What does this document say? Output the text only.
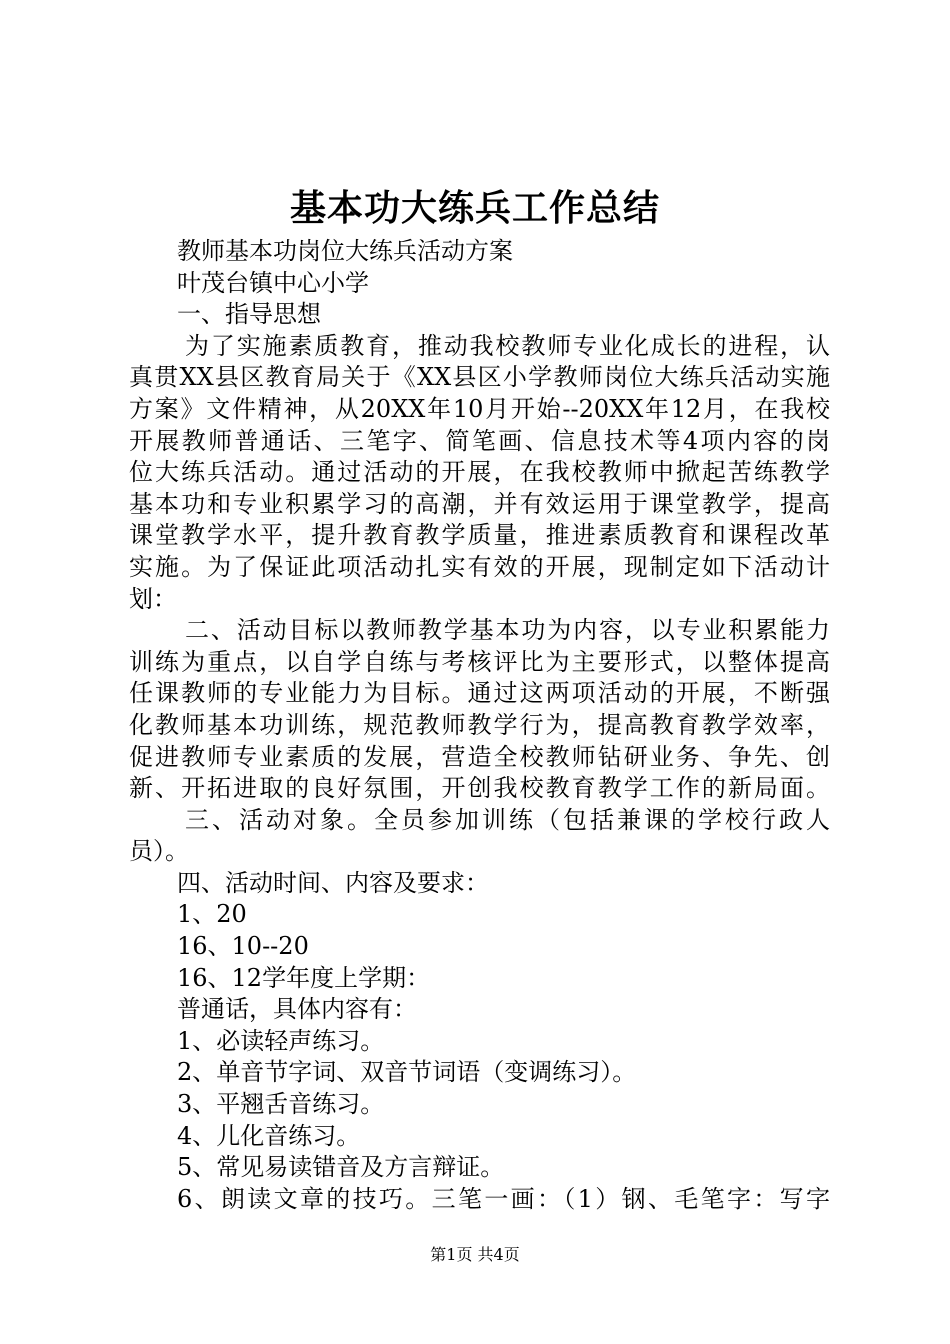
基本功大练兵工作总结
教师基本功岗位大练兵活动方案
叶茂台镇中心小学
一、指导思想
为了实施素质教育，推动我校教师专业化成长的进程，认
真贯XX县区教育局关于《XX县区小学教师岗位大练兵活动实施
方案》文件精神，从20XX年10月开始--20XX年12月，在我校
开展教师普通话、三笔字、简笔画、信息技术等4项内容的岗
位大练兵活动。通过活动的开展，在我校教师中掀起苦练教学
基本功和专业积累学习的高潮，并有效运用于课堂教学，提高
课堂教学水平，提升教育教学质量，推进素质教育和课程改革
实施。为了保证此项活动扎实有效的开展，现制定如下活动计
划：
二、活动目标以教师教学基本功为内容，以专业积累能力
训练为重点，以自学自练与考核评比为主要形式，以整体提高
任课教师的专业能力为目标。通过这两项活动的开展，不断强
化教师基本功训练，规范教师教学行为，提高教育教学效率，
促进教师专业素质的发展，营造全校教师钻研业务、争先、创
新、开拓进取的良好氛围，开创我校教育教学工作的新局面。
三、活动对象。全员参加训练（包括兼课的学校行政人
员）。
四、活动时间、内容及要求：
1、20
16、10--20
16、12学年度上学期：
普通话，具体内容有：
1、必读轻声练习。
2、单音节字词、双音节词语（变调练习）。
3、平翘舌音练习。
4、儿化音练习。
5、常见易读错音及方言辩证。
6、朗读文章的技巧。三笔一画：（1）钢、毛笔字：写字
第1页 共4页
